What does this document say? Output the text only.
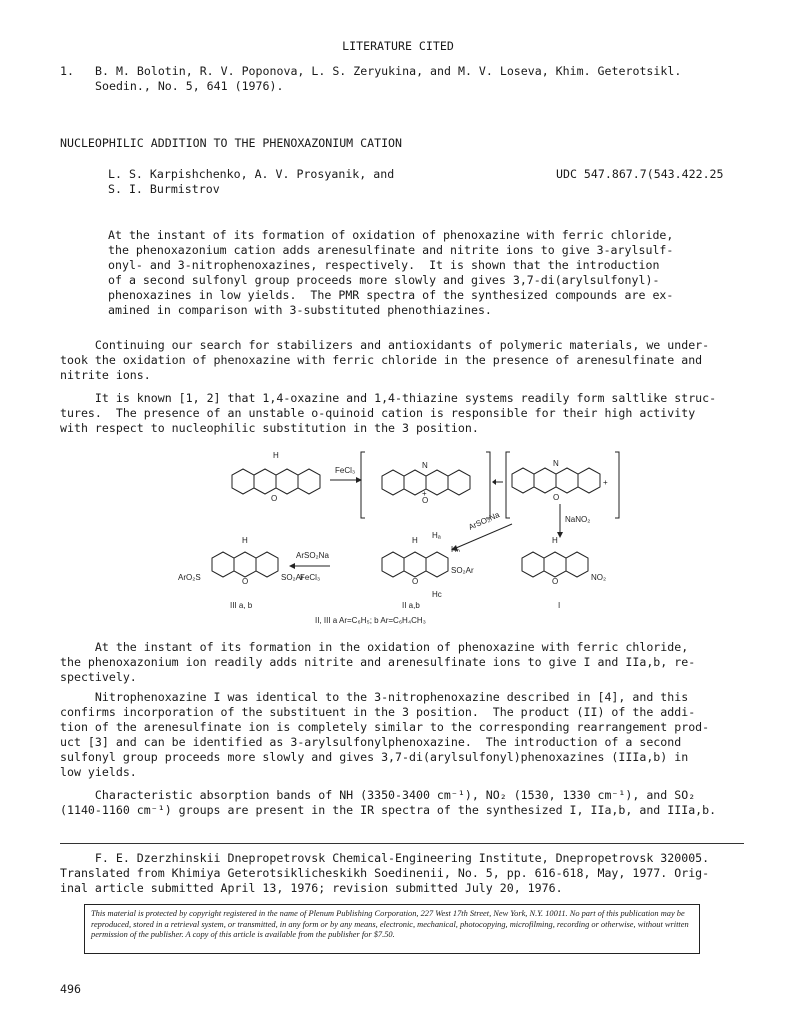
LITERATURE CITED
1. B. M. Bolotin, R. V. Poponova, L. S. Zeryukina, and M. V. Loseva, Khim. Geterotsikl.
Soedin., No. 5, 641 (1976).
NUCLEOPHILIC ADDITION TO THE PHENOXAZONIUM CATION
L. S. Karpishchenko, A. V. Prosyanik, and
S. I. Burmistrov
UDC 547.867.7(543.422.25
At the instant of its formation of oxidation of phenoxazine with ferric chloride,
the phenoxazonium cation adds arenesulfinate and nitrite ions to give 3-arylsulf-
onyl- and 3-nitrophenoxazines, respectively.  It is shown that the introduction
of a second sulfonyl group proceeds more slowly and gives 3,7-di(arylsulfonyl)-
phenoxazines in low yields.  The PMR spectra of the synthesized compounds are ex-
amined in comparison with 3-substituted phenothiazines.
Continuing our search for stabilizers and antioxidants of polymeric materials, we under-
took the oxidation of phenoxazine with ferric chloride in the presence of arenesulfinate and
nitrite ions.
It is known [1, 2] that 1,4-oxazine and 1,4-thiazine systems readily form saltlike struc-
tures.  The presence of an unstable o-quinoid cation is responsible for their high activity
with respect to nucleophilic substitution in the 3 position.
H
O
FeCl₃
N
+
O
N
O
+
ArSO₂Na	NaNO₂
ArSO₂Na
FeCl₃
H
O
ArO₂S	SO₂Ar
H
O
Hₐ
Hₙ
SO₂Ar
Hᴄ
H
O	NO₂
III a, b	II a,b	I
II, III a Ar=C₆H₅; b Ar=C₆H₄CH₃
At the instant of its formation in the oxidation of phenoxazine with ferric chloride,
the phenoxazonium ion readily adds nitrite and arenesulfinate ions to give I and IIa,b, re-
spectively.
Nitrophenoxazine I was identical to the 3-nitrophenoxazine described in [4], and this
confirms incorporation of the substituent in the 3 position.  The product (II) of the addi-
tion of the arenesulfinate ion is completely similar to the corresponding rearrangement prod-
uct [3] and can be identified as 3-arylsulfonylphenoxazine.  The introduction of a second
sulfonyl group proceeds more slowly and gives 3,7-di(arylsulfonyl)phenoxazines (IIIa,b) in
low yields.
Characteristic absorption bands of NH (3350-3400 cm⁻¹), NO₂ (1530, 1330 cm⁻¹), and SO₂
(1140-1160 cm⁻¹) groups are present in the IR spectra of the synthesized I, IIa,b, and IIIa,b.
F. E. Dzerzhinskii Dnepropetrovsk Chemical-Engineering Institute, Dnepropetrovsk 320005.
Translated from Khimiya Geterotsiklicheskikh Soedinenii, No. 5, pp. 616-618, May, 1977. Orig-
inal article submitted April 13, 1976; revision submitted July 20, 1976.

This material is protected by copyright registered in the name of Plenum Publishing Corporation, 227 West 17th Street, New York, N.Y. 10011. No part of this publication may be reproduced, stored in a retrieval system, or transmitted, in any form or by any means, electronic, mechanical, photocopying, microfilming, recording or otherwise, without written permission of the publisher. A copy of this article is available from the publisher for $7.50.

496
